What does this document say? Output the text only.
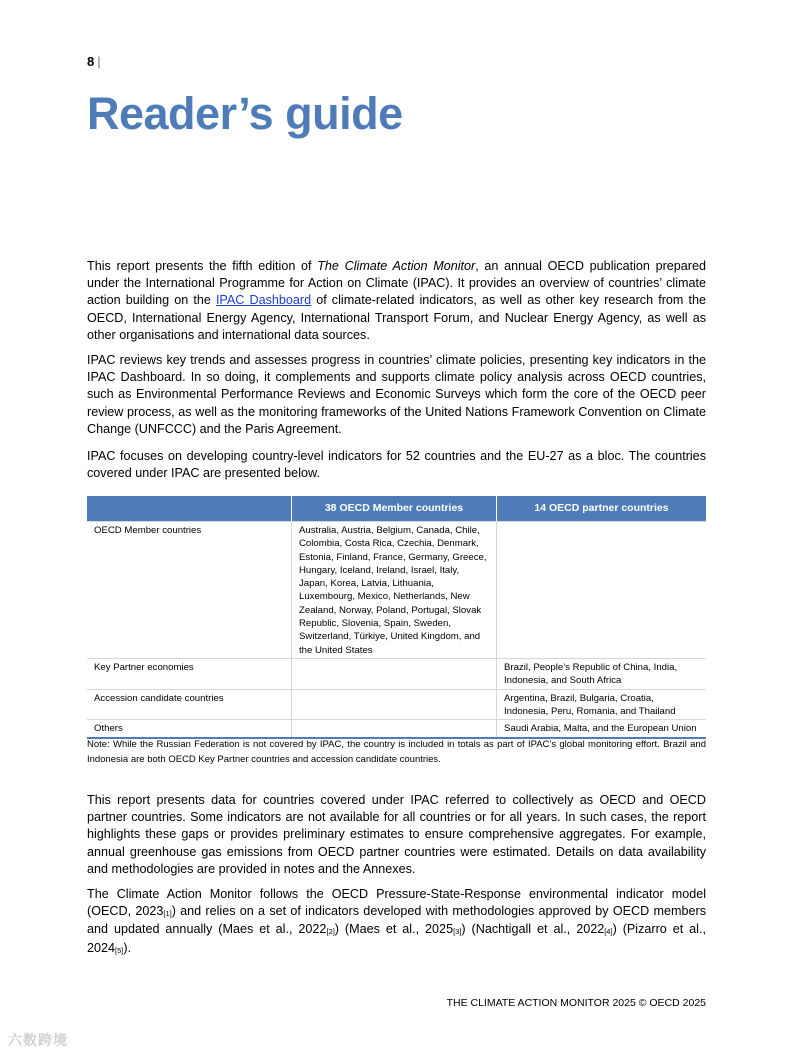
8 |
Reader’s guide

This report presents the fifth edition of The Climate Action Monitor, an annual OECD publication prepared under the International Programme for Action on Climate (IPAC). It provides an overview of countries’ climate action building on the IPAC Dashboard of climate-related indicators, as well as other key research from the OECD, International Energy Agency, International Transport Forum, and Nuclear Energy Agency, as well as other organisations and international data sources.

IPAC reviews key trends and assesses progress in countries’ climate policies, presenting key indicators in the IPAC Dashboard. In so doing, it complements and supports climate policy analysis across OECD countries, such as Environmental Performance Reviews and Economic Surveys which form the core of the OECD peer review process, as well as the monitoring frameworks of the United Nations Framework Convention on Climate Change (UNFCCC) and the Paris Agreement.

IPAC focuses on developing country-level indicators for 52 countries and the EU-27 as a bloc. The countries covered under IPAC are presented below.

	38 OECD Member countries	14 OECD partner countries
OECD Member countries	Australia, Austria, Belgium, Canada, Chile, Colombia, Costa Rica, Czechia, Denmark, Estonia, Finland, France, Germany, Greece, Hungary, Iceland, Ireland, Israel, Italy, Japan, Korea, Latvia, Lithuania, Luxembourg, Mexico, Netherlands, New Zealand, Norway, Poland, Portugal, Slovak Republic, Slovenia, Spain, Sweden, Switzerland, Türkiye, United Kingdom, and the United States	
Key Partner economies		Brazil, People’s Republic of China, India, Indonesia, and South Africa
Accession candidate countries		Argentina, Brazil, Bulgaria, Croatia, Indonesia, Peru, Romania, and Thailand
Others		Saudi Arabia, Malta, and the European Union

Note: While the Russian Federation is not covered by IPAC, the country is included in totals as part of IPAC’s global monitoring effort. Brazil and Indonesia are both OECD Key Partner countries and accession candidate countries.

This report presents data for countries covered under IPAC referred to collectively as OECD and OECD partner countries. Some indicators are not available for all countries or for all years. In such cases, the report highlights these gaps or provides preliminary estimates to ensure comprehensive aggregates. For example, annual greenhouse gas emissions from OECD partner countries were estimated. Details on data availability and methodologies are provided in notes and the Annexes.

The Climate Action Monitor follows the OECD Pressure-State-Response environmental indicator model (OECD, $2023_{[1]}$) and relies on a set of indicators developed with methodologies approved by OECD members and updated annually (Maes et al., $2022_{[2]}$) (Maes et al., $2025_{[3]}$) (Nachtigall et al., $2022_{[4]}$) (Pizarro et al., $2024_{[5]}$).

THE CLIMATE ACTION MONITOR 2025 © OECD 2025
六数跨境
